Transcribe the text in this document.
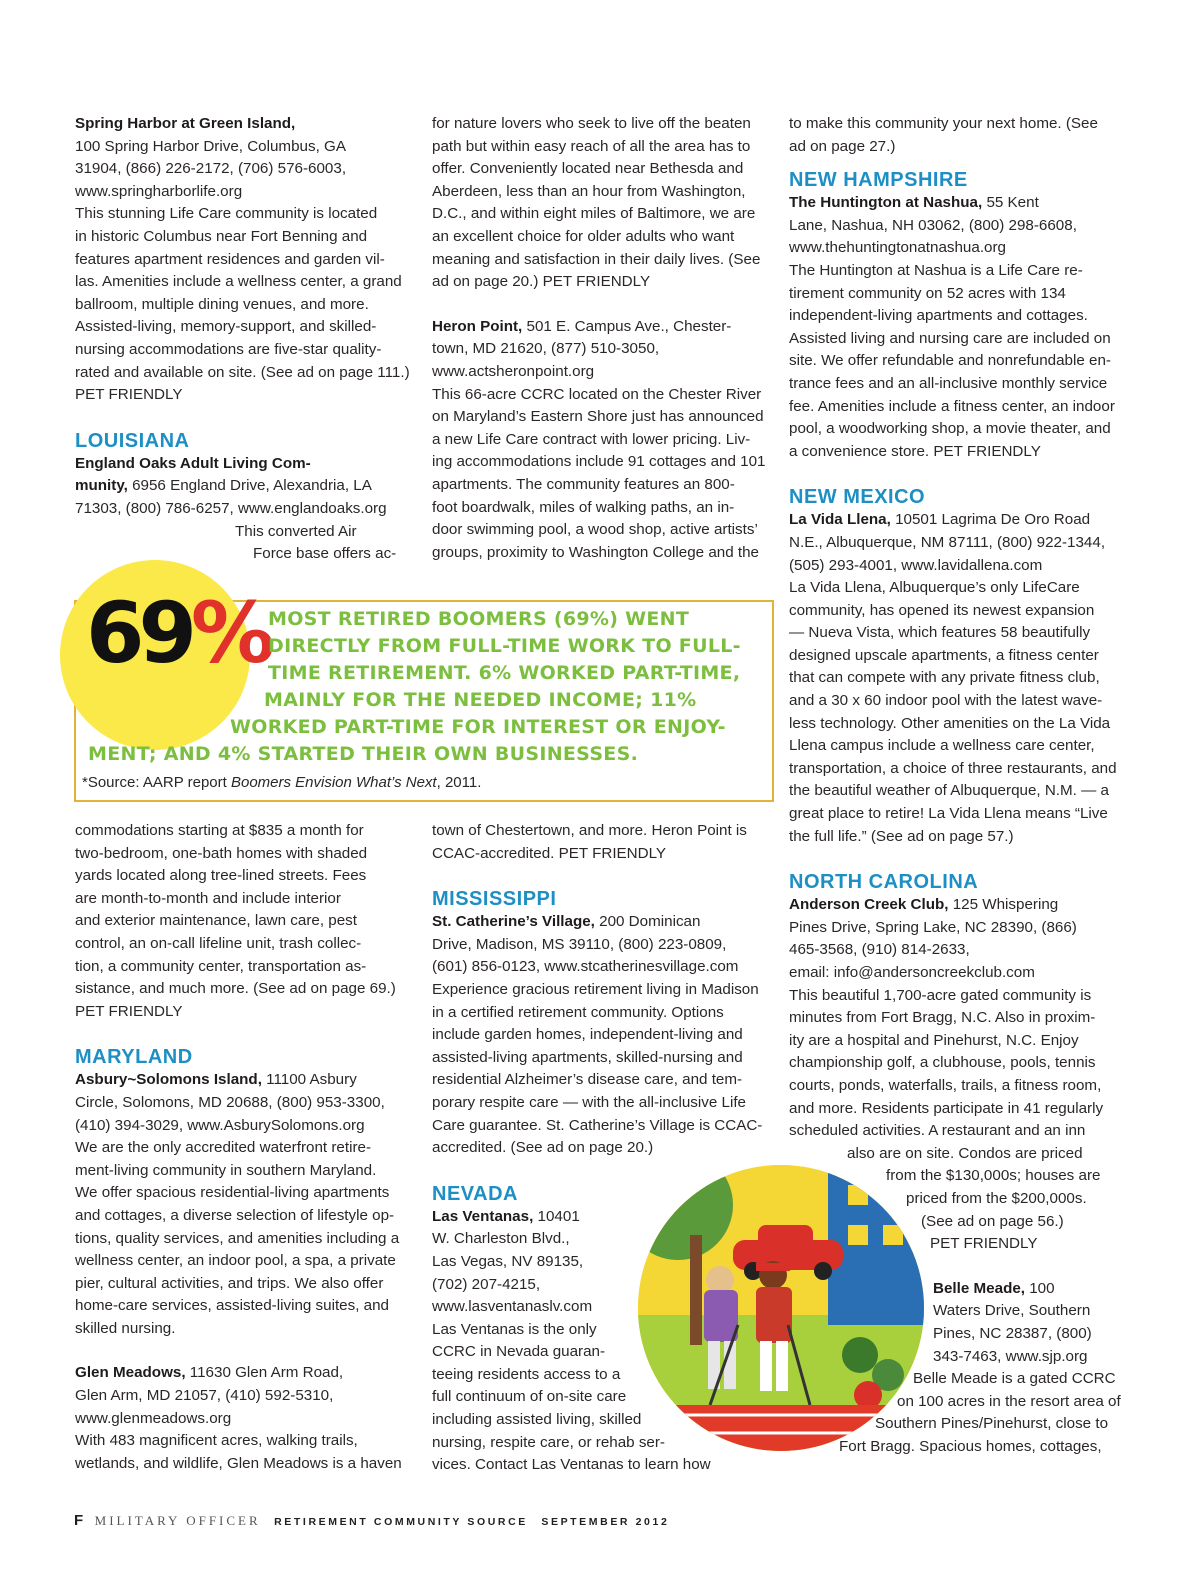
Spring Harbor at Green Island,

100 Spring Harbor Drive, Columbus, GA

31904, (866) 226-2172, (706) 576-6003,

www.springharborlife.org

This stunning Life Care community is located

in historic Columbus near Fort Benning and

features apartment residences and garden vil-

las. Amenities include a wellness center, a grand

ballroom, multiple dining venues, and more.

Assisted-living, memory-support, and skilled-

nursing accommodations are five-star quality-

rated and available on site. (See ad on page 111.)

PET FRIENDLY

LOUISIANA

England Oaks Adult Living Com-

munity, 6956 England Drive, Alexandria, LA

71303, (800) 786-6257, www.englandoaks.org

This converted Air

Force base offers ac-

for nature lovers who seek to live off the beaten

path but within easy reach of all the area has to

offer. Conveniently located near Bethesda and

Aberdeen, less than an hour from Washington,

D.C., and within eight miles of Baltimore, we are

an excellent choice for older adults who want

meaning and satisfaction in their daily lives. (See

ad on page 20.) PET FRIENDLY

Heron Point, 501 E. Campus Ave., Chester-

town, MD 21620, (877) 510-3050,

www.actsheronpoint.org

This 66-acre CCRC located on the Chester River

on Maryland’s Eastern Shore just has announced

a new Life Care contract with lower pricing. Liv-

ing accommodations include 91 cottages and 101

apartments. The community features an 800-

foot boardwalk, miles of walking paths, an in-

door swimming pool, a wood shop, active artists’

groups, proximity to Washington College and the

to make this community your next home. (See

ad on page 27.)

NEW HAMPSHIRE

The Huntington at Nashua, 55 Kent

Lane, Nashua, NH 03062, (800) 298-6608,

www.thehuntingtonatnashua.org

The Huntington at Nashua is a Life Care re-

tirement community on 52 acres with 134

independent-living apartments and cottages.

Assisted living and nursing care are included on

site. We offer refundable and nonrefundable en-

trance fees and an all-inclusive monthly service

fee. Amenities include a fitness center, an indoor

pool, a woodworking shop, a movie theater, and

a convenience store. PET FRIENDLY

NEW MEXICO

La Vida Llena, 10501 Lagrima De Oro Road

N.E., Albuquerque, NM 87111, (800) 922-1344,

(505) 293-4001, www.lavidallena.com

La Vida Llena, Albuquerque’s only LifeCare

community, has opened its newest expansion

— Nueva Vista, which features 58 beautifully

designed upscale apartments, a fitness center

that can compete with any private fitness club,

and a 30 x 60 indoor pool with the latest wave-

less technology. Other amenities on the La Vida

Llena campus include a wellness care center,

transportation, a choice of three restaurants, and

the beautiful weather of Albuquerque, N.M. — a

great place to retire! La Vida Llena means “Live

the full life.” (See ad on page 57.)

NORTH CAROLINA

Anderson Creek Club, 125 Whispering

Pines Drive, Spring Lake, NC 28390, (866)

465-3568, (910) 814-2633,

email: info@andersoncreekclub.com

This beautiful 1,700-acre gated community is

minutes from Fort Bragg, N.C. Also in proxim-

ity are a hospital and Pinehurst, N.C. Enjoy

championship golf, a clubhouse, pools, tennis

courts, ponds, waterfalls, trails, a fitness room,

and more. Residents participate in 41 regularly

scheduled activities. A restaurant and an inn

also are on site. Condos are priced

from the $130,000s; houses are

priced from the $200,000s.

(See ad on page 56.)

PET FRIENDLY

Belle Meade, 100

Waters Drive, Southern

Pines, NC 28387, (800)

343-7463, www.sjp.org

Belle Meade is a gated CCRC

on 100 acres in the resort area of

Southern Pines/Pinehurst, close to

Fort Bragg. Spacious homes, cottages,

69%
MOST RETIRED BOOMERS (69%) WENT
DIRECTLY FROM FULL-TIME WORK TO FULL-
TIME RETIREMENT. 6% WORKED PART-TIME,
MAINLY FOR THE NEEDED INCOME; 11%
WORKED PART-TIME FOR INTEREST OR ENJOY-
MENT; AND 4% STARTED THEIR OWN BUSINESSES.
*Source: AARP report Boomers Envision What’s Next, 2011.

commodations starting at $835 a month for

two-bedroom, one-bath homes with shaded

yards located along tree-lined streets. Fees

are month-to-month and include interior

and exterior maintenance, lawn care, pest

control, an on-call lifeline unit, trash collec-

tion, a community center, transportation as-

sistance, and much more. (See ad on page 69.)

PET FRIENDLY

MARYLAND

Asbury~Solomons Island, 11100 Asbury

Circle, Solomons, MD 20688, (800) 953-3300,

(410) 394-3029, www.AsburySolomons.org

We are the only accredited waterfront retire-

ment-living community in southern Maryland.

We offer spacious residential-living apartments

and cottages, a diverse selection of lifestyle op-

tions, quality services, and amenities including a

wellness center, an indoor pool, a spa, a private

pier, cultural activities, and trips. We also offer

home-care services, assisted-living suites, and

skilled nursing.

Glen Meadows, 11630 Glen Arm Road,

Glen Arm, MD 21057, (410) 592-5310,

www.glenmeadows.org

With 483 magnificent acres, walking trails,

wetlands, and wildlife, Glen Meadows is a haven

town of Chestertown, and more. Heron Point is

CCAC-accredited. PET FRIENDLY

MISSISSIPPI

St. Catherine’s Village, 200 Dominican

Drive, Madison, MS 39110, (800) 223-0809,

(601) 856-0123, www.stcatherinesvillage.com

Experience gracious retirement living in Madison

in a certified retirement community. Options

include garden homes, independent-living and

assisted-living apartments, skilled-nursing and

residential Alzheimer’s disease care, and tem-

porary respite care — with the all-inclusive Life

Care guarantee. St. Catherine’s Village is CCAC-

accredited. (See ad on page 20.)

NEVADA

Las Ventanas, 10401

W. Charleston Blvd.,

Las Vegas, NV 89135,

(702) 207-4215,

www.lasventanaslv.com

Las Ventanas is the only

CCRC in Nevada guaran-

teeing residents access to a

full continuum of on-site care

including assisted living, skilled

nursing, respite care, or rehab ser-

vices. Contact Las Ventanas to learn how

F MILITARY OFFICER RETIREMENT COMMUNITY SOURCE SEPTEMBER 2012
